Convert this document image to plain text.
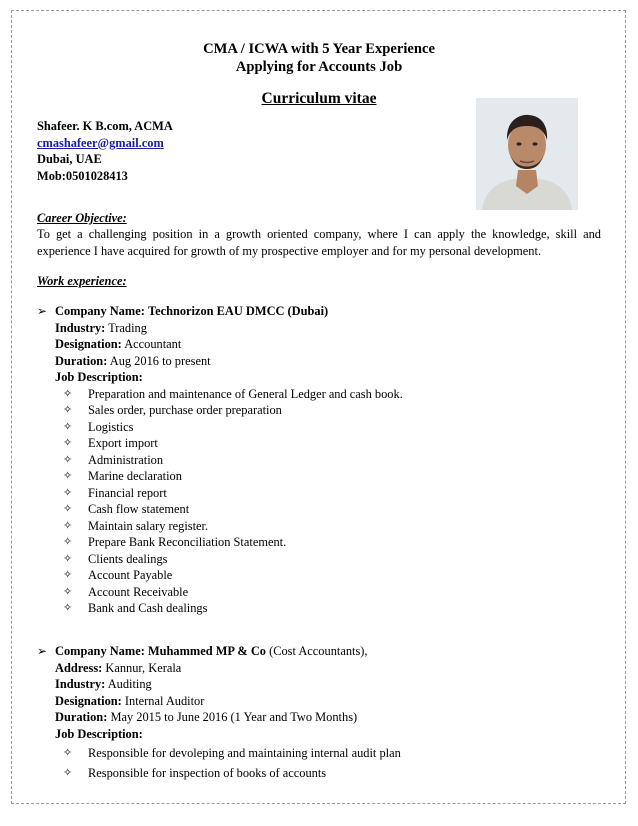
CMA / ICWA with 5 Year Experience
Applying for Accounts Job
Curriculum vitae
Shafeer. K B.com, ACMA
cmashafeer@gmail.com
Dubai, UAE
Mob:0501028413
Career Objective:
To get a challenging position in a growth oriented company, where I can apply the knowledge, skill and experience I have acquired for growth of my prospective employer and for my personal development.
Work experience:
➢ Company Name: Technorizon EAU DMCC (Dubai)
Industry: Trading
Designation: Accountant
Duration: Aug 2016 to present
Job Description:
✧ Preparation and maintenance of General Ledger and cash book.
✧ Sales order, purchase order preparation
✧ Logistics
✧ Export import
✧ Administration
✧ Marine declaration
✧ Financial report
✧ Cash flow statement
✧ Maintain salary register.
✧ Prepare Bank Reconciliation Statement.
✧ Clients dealings
✧ Account Payable
✧ Account Receivable
✧ Bank and Cash dealings
➢ Company Name: Muhammed MP & Co (Cost Accountants),
Address: Kannur, Kerala
Industry: Auditing
Designation: Internal Auditor
Duration: May 2015 to June 2016 (1 Year and Two Months)
Job Description:
✧ Responsible for devoleping and maintaining internal audit plan
✧ Responsible for inspection of books of accounts
